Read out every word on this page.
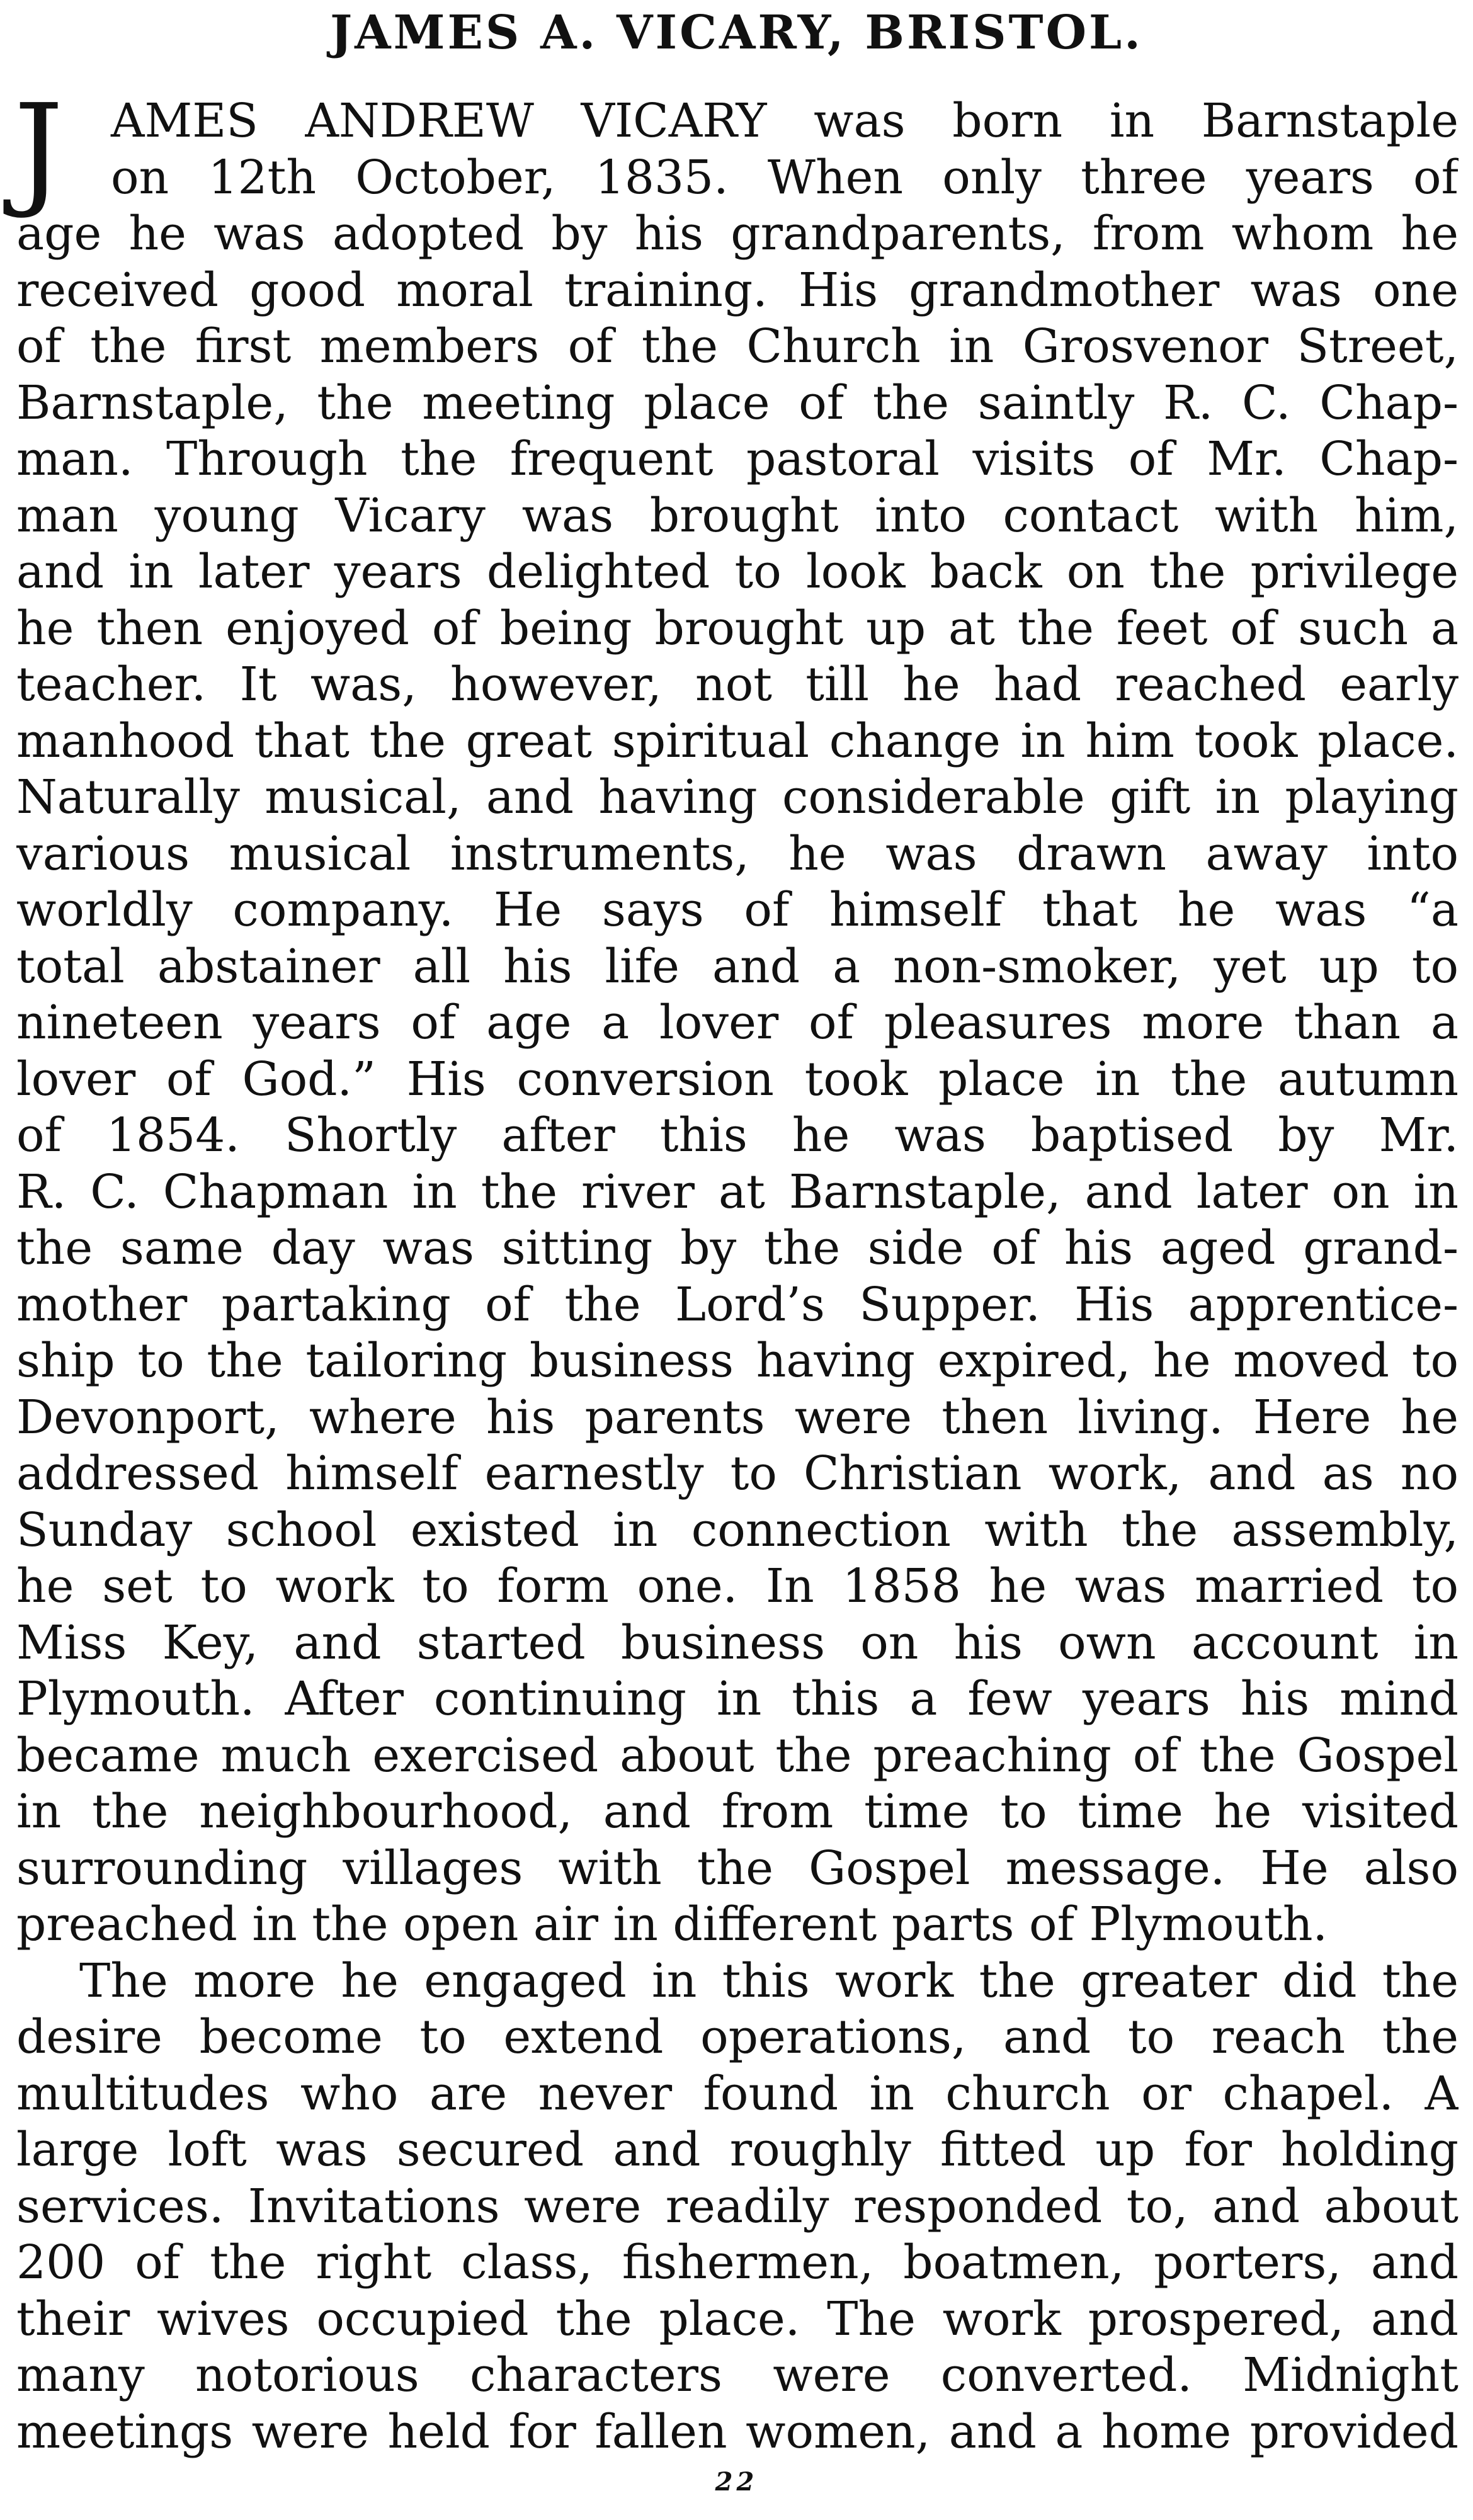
JAMES A. VICARY, BRISTOL.
J	AMES ANDREW VICARY was born in Barnstaple
on 12th October, 1835. When only three years of
age he was adopted by his grandparents, from whom he
received good moral training. His grandmother was one
of the first members of the Church in Grosvenor Street,
Barnstaple, the meeting place of the saintly R. C. Chap-
man. Through the frequent pastoral visits of Mr. Chap-
man young Vicary was brought into contact with him,
and in later years delighted to look back on the privilege
he then enjoyed of being brought up at the feet of such a
teacher. It was, however, not till he had reached early
manhood that the great spiritual change in him took place.
Naturally musical, and having considerable gift in playing
various musical instruments, he was drawn away into
worldly company. He says of himself that he was “a
total abstainer all his life and a non-smoker, yet up to
nineteen years of age a lover of pleasures more than a
lover of God.” His conversion took place in the autumn
of 1854. Shortly after this he was baptised by Mr.
R. C. Chapman in the river at Barnstaple, and later on in
the same day was sitting by the side of his aged grand-
mother partaking of the Lord’s Supper. His apprentice-
ship to the tailoring business having expired, he moved to
Devonport, where his parents were then living. Here he
addressed himself earnestly to Christian work, and as no
Sunday school existed in connection with the assembly,
he set to work to form one. In 1858 he was married to
Miss Key, and started business on his own account in
Plymouth. After continuing in this a few years his mind
became much exercised about the preaching of the Gospel
in the neighbourhood, and from time to time he visited
surrounding villages with the Gospel message. He also
preached in the open air in different parts of Plymouth.
The more he engaged in this work the greater did the
desire become to extend operations, and to reach the
multitudes who are never found in church or chapel. A
large loft was secured and roughly fitted up for holding
services. Invitations were readily responded to, and about
200 of the right class, fishermen, boatmen, porters, and
their wives occupied the place. The work prospered, and
many notorious characters were converted. Midnight
meetings were held for fallen women, and a home provided
22
